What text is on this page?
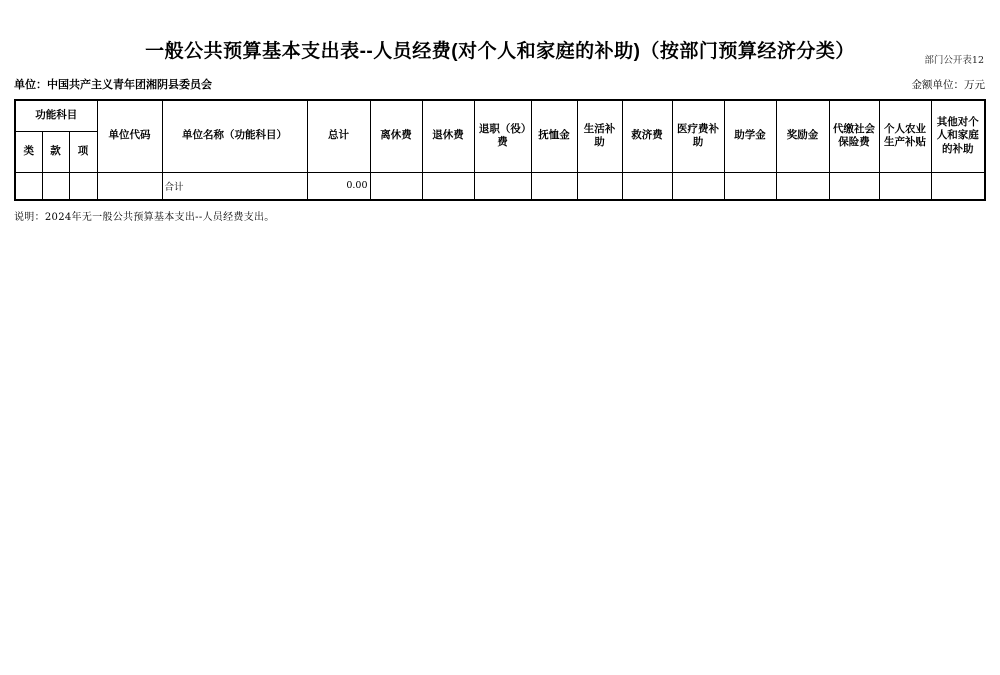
部门公开表12
一般公共预算基本支出表--人员经费(对个人和家庭的补助)（按部门预算经济分类）
单位：中国共产主义青年团湘阴县委员会	金额单位：万元
功能科目			单位代码	单位名称（功能科目）	总计	离休费	退休费	退职（役）费	抚恤金	生活补助	救济费	医疗费补助	助学金	奖励金	代缴社会保险费	个人农业生产补贴	其他对个人和家庭的补助
类	款	项															
				合计	0.00												
说明：2024年无一般公共预算基本支出--人员经费支出。
